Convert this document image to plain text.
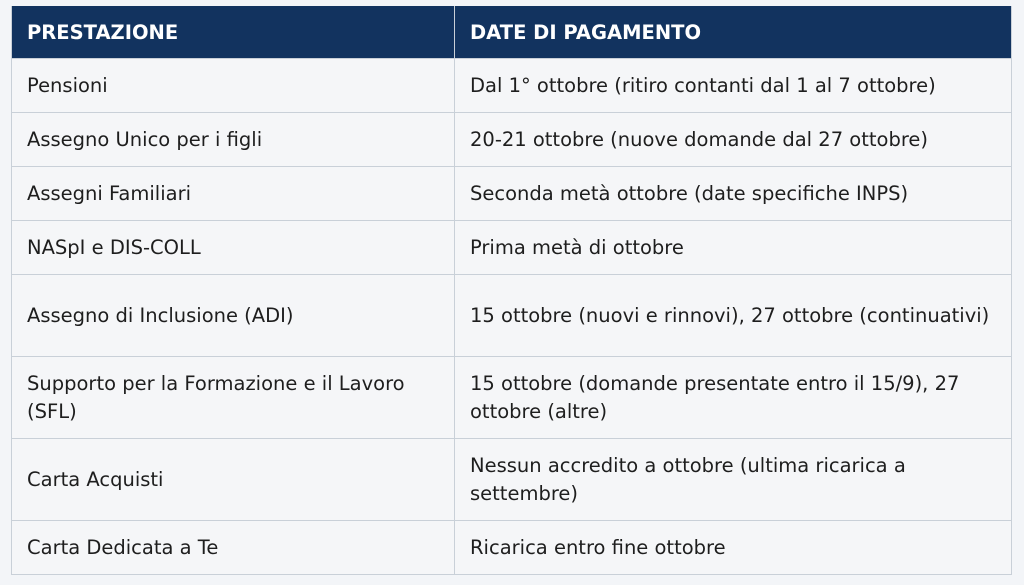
PRESTAZIONE	DATE DI PAGAMENTO
Pensioni	Dal 1° ottobre (ritiro contanti dal 1 al 7 ottobre)
Assegno Unico per i figli	20-21 ottobre (nuove domande dal 27 ottobre)
Assegni Familiari	Seconda metà ottobre (date specifiche INPS)
NASpI e DIS-COLL	Prima metà di ottobre
Assegno di Inclusione (ADI)	15 ottobre (nuovi e rinnovi), 27 ottobre (continuativi)
Supporto per la Formazione e il Lavoro (SFL)	15 ottobre (domande presentate entro il 15/9), 27 ottobre (altre)
Carta Acquisti	Nessun accredito a ottobre (ultima ricarica a settembre)
Carta Dedicata a Te	Ricarica entro fine ottobre
